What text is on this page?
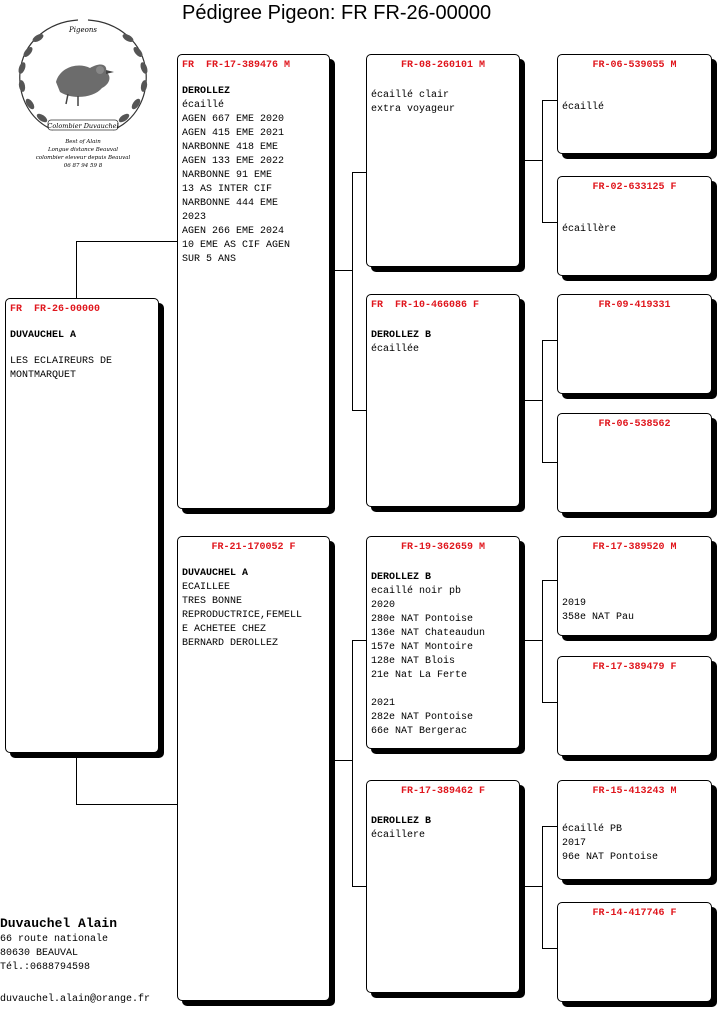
Pédigree Pigeon: FR FR-26-00000
Pigeons
Colombier Duvauchel
Best of Alain
Longue distance Beauval
colombier eleveur depuis Beauval
06 87 94 59 8
FR  FR-26-00000
DUVAUCHEL A
LES ECLAIREURS DE
MONTMARQUET
FR  FR-17-389476 M
DEROLLEZ
écaillé
AGEN 667 EME 2020
AGEN 415 EME 2021
NARBONNE 418 EME
AGEN 133 EME 2022
NARBONNE 91 EME
13 AS INTER CIF
NARBONNE 444 EME
2023
AGEN 266 EME 2024
10 EME AS CIF AGEN
SUR 5 ANS
FR-21-170052 F
DUVAUCHEL A
ECAILLEE
TRES BONNE
REPRODUCTRICE,FEMELL
E ACHETEE CHEZ
BERNARD DEROLLEZ
FR-08-260101 M
écaillé clair
extra voyageur
FR  FR-10-466086 F
DEROLLEZ B
écaillée
FR-19-362659 M
DEROLLEZ B
ecaillé noir pb
2020
280e NAT Pontoise
136e NAT Chateaudun
157e NAT Montoire
128e NAT Blois
21e Nat La Ferte
2021
282e NAT Pontoise
66e NAT Bergerac
FR-17-389462 F
DEROLLEZ B
écaillere
FR-06-539055 M
écaillé
FR-02-633125 F
écaillère
FR-09-419331
FR-06-538562
FR-17-389520 M
2019
358e NAT Pau
FR-17-389479 F
FR-15-413243 M
écaillé PB
2017
96e NAT Pontoise
FR-14-417746 F
Duvauchel Alain
66 route nationale
80630 BEAUVAL
Tél.:0688794598
duvauchel.alain@orange.fr
